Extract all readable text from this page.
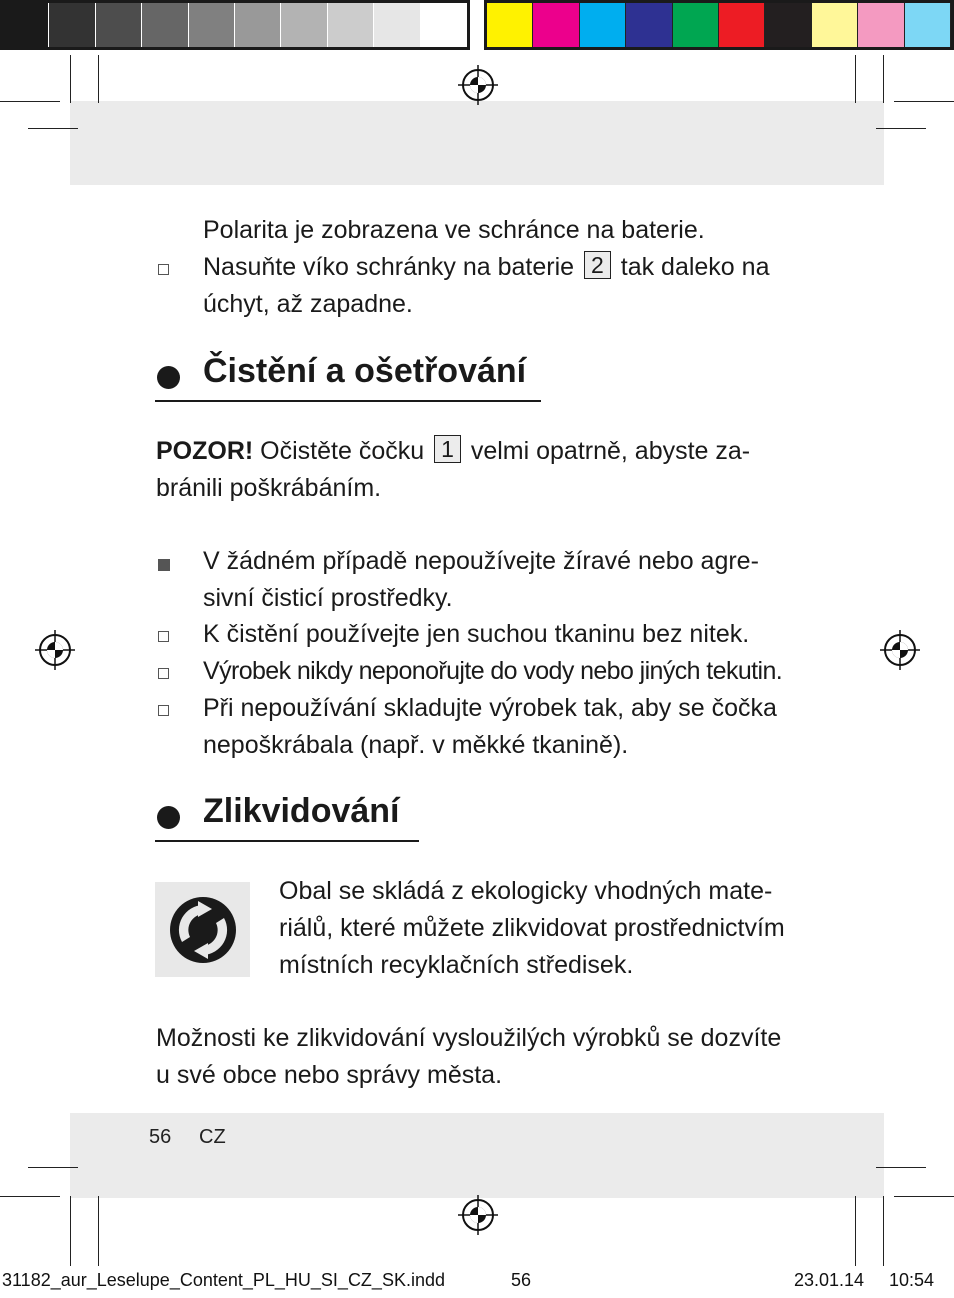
Polarita je zobrazena ve schránce na baterie.
Nasuňte víko schránky na baterie 2 tak daleko na
úchyt, až zapadne.
Čistění a ošetřování
POZOR! Očistěte čočku 1 velmi opatrně, abyste za-
bránili poškrábáním.
V žádném případě nepoužívejte žíravé nebo agre-
sivní čisticí prostředky.
K čistění používejte jen suchou tkaninu bez nitek.
Výrobek nikdy neponořujte do vody nebo jiných tekutin.
Při nepoužívání skladujte výrobek tak, aby se čočka
nepoškrábala (např. v měkké tkanině).
Zlikvidování
Obal se skládá z ekologicky vhodných mate-
riálů, které můžete zlikvidovat prostřednictvím
místních recyklačních středisek.
Možnosti ke zlikvidování vysloužilých výrobků se dozvíte
u své obce nebo správy města.
56 CZ
31182_aur_Leselupe_Content_PL_HU_SI_CZ_SK.indd	56	23.01.14 10:54
